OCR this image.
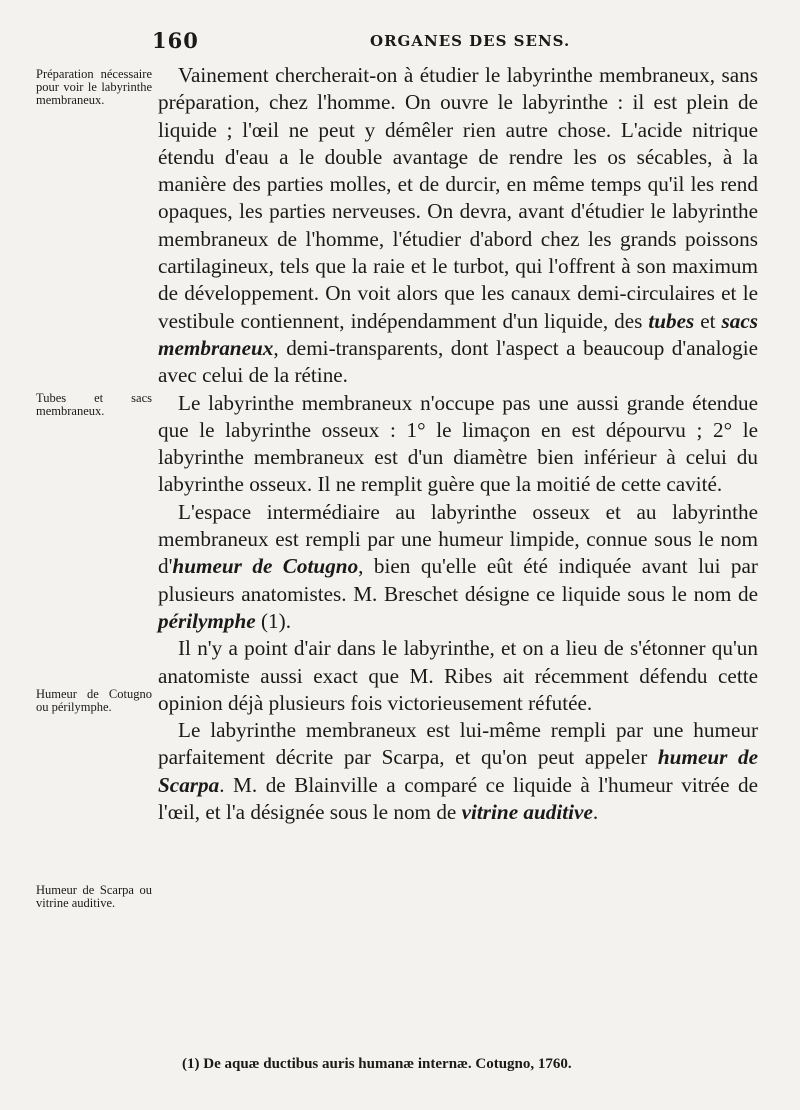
160	ORGANES DES SENS.
Préparation nécessaire pour voir le labyrinthe membraneux.
Tubes et sacs membraneux.
Humeur de Cotugno ou périlymphe.
Humeur de Scarpa ou vitrine auditive.

Vainement chercherait-on à étudier le labyrinthe membraneux, sans préparation, chez l'homme. On ouvre le labyrinthe : il est plein de liquide ; l'œil ne peut y démêler rien autre chose. L'acide nitrique étendu d'eau a le double avantage de rendre les os sécables, à la manière des parties molles, et de durcir, en même temps qu'il les rend opaques, les parties nerveuses. On devra, avant d'étudier le labyrinthe membraneux de l'homme, l'étudier d'abord chez les grands poissons cartilagineux, tels que la raie et le turbot, qui l'offrent à son maximum de développement. On voit alors que les canaux demi-circulaires et le vestibule contiennent, indépendamment d'un liquide, des tubes et sacs membraneux, demi-transparents, dont l'aspect a beaucoup d'analogie avec celui de la rétine.

Le labyrinthe membraneux n'occupe pas une aussi grande étendue que le labyrinthe osseux : 1° le limaçon en est dépourvu ; 2° le labyrinthe membraneux est d'un diamètre bien inférieur à celui du labyrinthe osseux. Il ne remplit guère que la moitié de cette cavité.

L'espace intermédiaire au labyrinthe osseux et au labyrinthe membraneux est rempli par une humeur limpide, connue sous le nom d'humeur de Cotugno, bien qu'elle eût été indiquée avant lui par plusieurs anatomistes. M. Breschet désigne ce liquide sous le nom de périlymphe (1).

Il n'y a point d'air dans le labyrinthe, et on a lieu de s'étonner qu'un anatomiste aussi exact que M. Ribes ait récemment défendu cette opinion déjà plusieurs fois victorieusement réfutée.

Le labyrinthe membraneux est lui-même rempli par une humeur parfaitement décrite par Scarpa, et qu'on peut appeler humeur de Scarpa. M. de Blainville a comparé ce liquide à l'humeur vitrée de l'œil, et l'a désignée sous le nom de vitrine auditive.

(1) De aquæ ductibus auris humanæ internæ. Cotugno, 1760.
